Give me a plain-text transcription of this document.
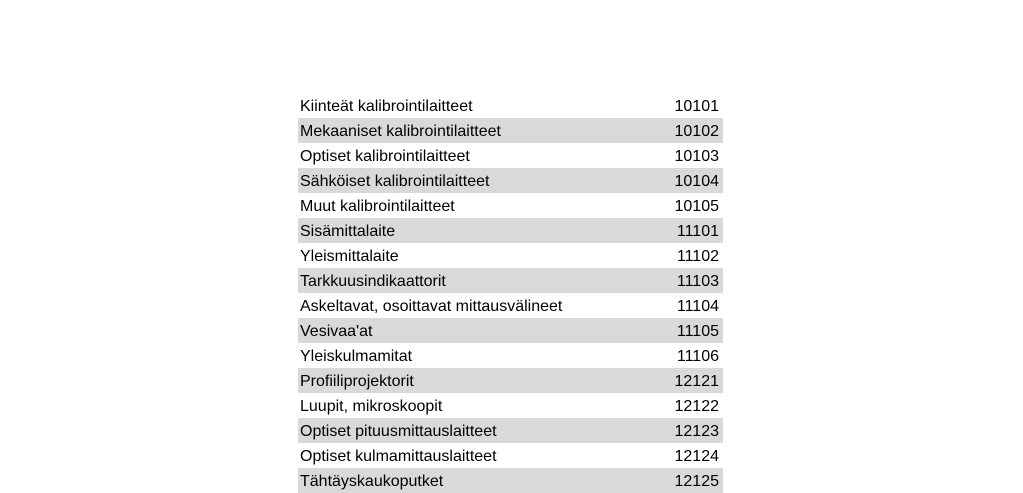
Kiinteät kalibrointilaitteet	10101
Mekaaniset kalibrointilaitteet	10102
Optiset kalibrointilaitteet	10103
Sähköiset kalibrointilaitteet	10104
Muut kalibrointilaitteet	10105
Sisämittalaite	11101
Yleismittalaite	11102
Tarkkuusindikaattorit	11103
Askeltavat, osoittavat mittausvälineet	11104
Vesivaa'at	11105
Yleiskulmamitat	11106
Profiiliprojektorit	12121
Luupit, mikroskoopit	12122
Optiset pituusmittauslaitteet	12123
Optiset kulmamittauslaitteet	12124
Tähtäyskaukoputket	12125
